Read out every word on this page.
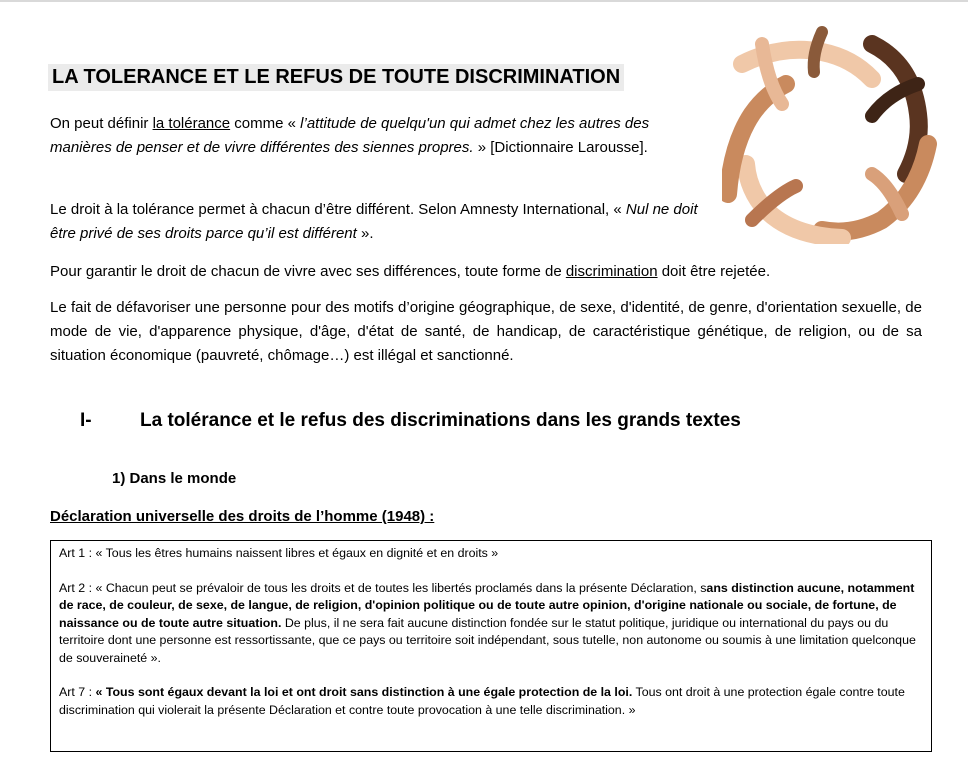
LA TOLERANCE ET LE REFUS DE TOUTE DISCRIMINATION
On peut définir la tolérance comme « l’attitude de quelqu'un qui admet chez les autres des manières de penser et de vivre différentes des siennes propres. » [Dictionnaire Larousse].
Le droit à la tolérance permet à chacun d’être différent. Selon Amnesty International, « Nul ne doit être privé de ses droits parce qu’il est différent ».
Pour garantir le droit de chacun de vivre avec ses différences, toute forme de discrimination doit être rejetée.
Le fait de défavoriser une personne pour des motifs d’origine géographique, de sexe, d'identité, de genre, d'orientation sexuelle, de mode de vie, d'apparence physique, d'âge, d'état de santé, de handicap, de caractéristique génétique, de religion, ou de sa situation économique (pauvreté, chômage…) est illégal et sanctionné.
I-	La tolérance et le refus des discriminations dans les grands textes
1) Dans le monde
Déclaration universelle des droits de l’homme (1948) :

Art 1 : « Tous les êtres humains naissent libres et égaux en dignité et en droits »

Art 2 : « Chacun peut se prévaloir de tous les droits et de toutes les libertés proclamés dans la présente Déclaration, sans distinction aucune, notamment de race, de couleur, de sexe, de langue, de religion, d'opinion politique ou de toute autre opinion, d'origine nationale ou sociale, de fortune, de naissance ou de toute autre situation. De plus, il ne sera fait aucune distinction fondée sur le statut politique, juridique ou international du pays ou du territoire dont une personne est ressortissante, que ce pays ou territoire soit indépendant, sous tutelle, non autonome ou soumis à une limitation quelconque de souveraineté ».

Art 7 : « Tous sont égaux devant la loi et ont droit sans distinction à une égale protection de la loi. Tous ont droit à une protection égale contre toute discrimination qui violerait la présente Déclaration et contre toute provocation à une telle discrimination. »
